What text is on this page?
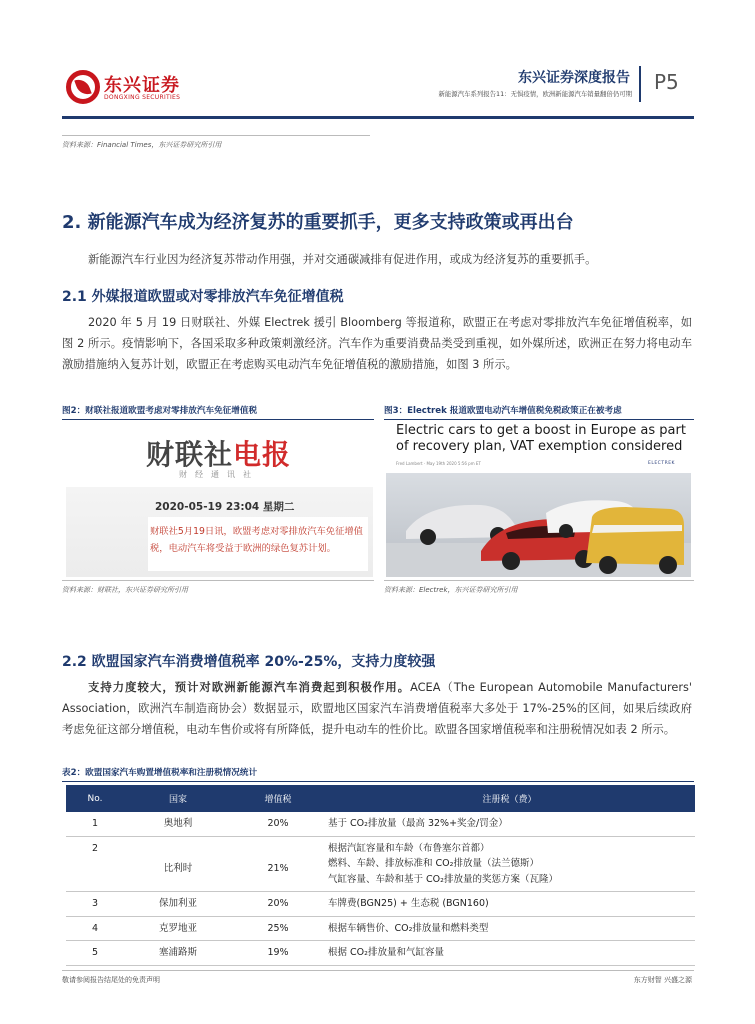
东兴证券
DONGXING SECURITIES
东兴证券深度报告
新能源汽车系列报告11：无惧疫情，欧洲新能源汽车销量翻倍仍可期 P5
资料来源：Financial Times，东兴证券研究所引用
2. 新能源汽车成为经济复苏的重要抓手，更多支持政策或再出台
新能源汽车行业因为经济复苏带动作用强，并对交通碳减排有促进作用，或成为经济复苏的重要抓手。
2.1 外媒报道欧盟或对零排放汽车免征增值税
2020 年 5 月 19 日财联社、外媒 Electrek 援引 Bloomberg 等报道称，欧盟正在考虑对零排放汽车免征增值税率，如图 2 所示。疫情影响下，各国采取多种政策刺激经济。汽车作为重要消费品类受到重视，如外媒所述，欧洲正在努力将电动车激励措施纳入复苏计划，欧盟正在考虑购买电动汽车免征增值税的激励措施，如图 3 所示。
图2：财联社报道欧盟考虑对零排放汽车免征增值税	图3：Electrek 报道欧盟电动汽车增值税免税政策正在被考虑
财联社电报
财经通讯社
2020-05-19 23:04 星期二
财联社5月19日讯，欧盟考虑对零排放汽车免征增值税，电动汽车将受益于欧洲的绿色复苏计划。
资料来源：财联社，东兴证券研究所引用
Electric cars to get a boost in Europe as part of recovery plan, VAT exemption considered
Fred Lambert · May 19th 2020 5:56 pm ET	ELECTREK
资料来源：Electrek，东兴证券研究所引用
2.2 欧盟国家汽车消费增值税率 20%-25%，支持力度较强
支持力度较大，预计对欧洲新能源汽车消费起到积极作用。ACEA（The European Automobile Manufacturers' Association，欧洲汽车制造商协会）数据显示，欧盟地区国家汽车消费增值税率大多处于 17%-25%的区间，如果后续政府考虑免征这部分增值税，电动车售价或将有所降低，提升电动车的性价比。欧盟各国家增值税率和注册税情况如表 2 所示。
表2：欧盟国家汽车购置增值税率和注册税情况统计
No.	国家	增值税	注册税（费）
1	奥地利	20%	基于 CO₂排放量（最高 32%+奖金/罚金）

2	比利时	21%	根据汽缸容量和车龄（布鲁塞尔首都）
燃料、车龄、排放标准和 CO₂排放量（法兰德斯）
气缸容量、车龄和基于 CO₂排放量的奖惩方案（瓦隆）

3	保加利亚	20%	车牌费(BGN25) + 生态税 (BGN160)

4	克罗地亚	25%	根据车辆售价、CO₂排放量和燃料类型

5	塞浦路斯	19%	根据 CO₂排放量和气缸容量
敬请参阅报告结尾处的免责声明	东方财智 兴盛之源
